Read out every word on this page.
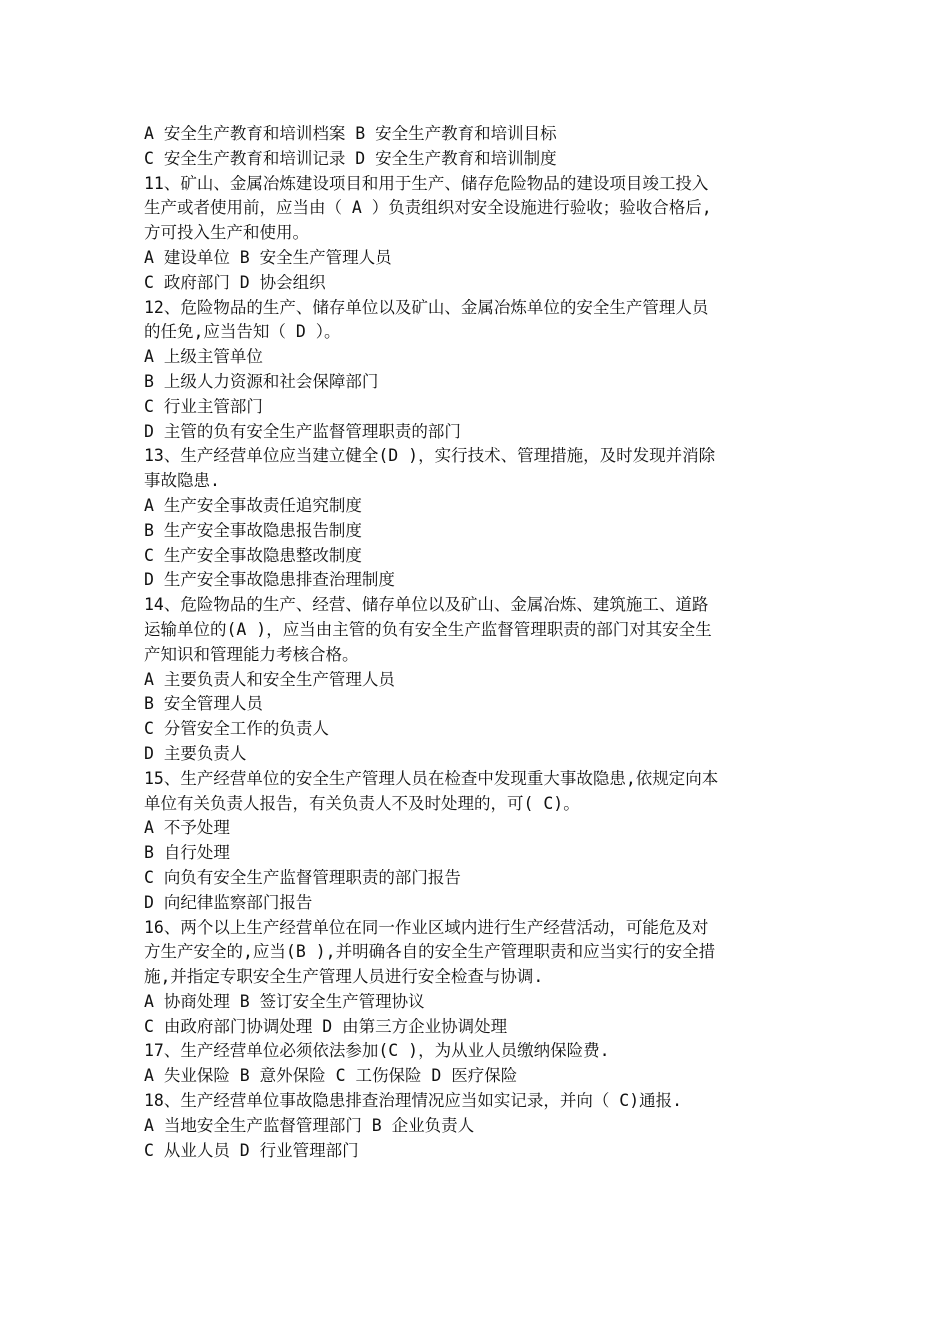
A 安全生产教育和培训档案 B 安全生产教育和培训目标
C 安全生产教育和培训记录 D 安全生产教育和培训制度
11、矿山、金属冶炼建设项目和用于生产、储存危险物品的建设项目竣工投入
生产或者使用前，应当由（ A ）负责组织对安全设施进行验收；验收合格后,
方可投入生产和使用。
A 建设单位 B 安全生产管理人员
C 政府部门 D 协会组织
12、危险物品的生产、储存单位以及矿山、金属冶炼单位的安全生产管理人员
的任免,应当告知（ D ）。
A 上级主管单位
B 上级人力资源和社会保障部门
C 行业主管部门
D 主管的负有安全生产监督管理职责的部门
13、生产经营单位应当建立健全(D )，实行技术、管理措施，及时发现并消除
事故隐患.
A 生产安全事故责任追究制度
B 生产安全事故隐患报告制度
C 生产安全事故隐患整改制度
D 生产安全事故隐患排查治理制度
14、危险物品的生产、经营、储存单位以及矿山、金属冶炼、建筑施工、道路
运输单位的(A )，应当由主管的负有安全生产监督管理职责的部门对其安全生
产知识和管理能力考核合格。
A 主要负责人和安全生产管理人员
B 安全管理人员
C 分管安全工作的负责人
D 主要负责人
15、生产经营单位的安全生产管理人员在检查中发现重大事故隐患,依规定向本
单位有关负责人报告，有关负责人不及时处理的，可( C)。
A 不予处理
B 自行处理
C 向负有安全生产监督管理职责的部门报告
D 向纪律监察部门报告
16、两个以上生产经营单位在同一作业区域内进行生产经营活动，可能危及对
方生产安全的,应当(B ),并明确各自的安全生产管理职责和应当实行的安全措
施,并指定专职安全生产管理人员进行安全检查与协调.
A 协商处理 B 签订安全生产管理协议
C 由政府部门协调处理 D 由第三方企业协调处理
17、生产经营单位必须依法参加(C )，为从业人员缴纳保险费.
A 失业保险 B 意外保险 C 工伤保险 D 医疗保险
18、生产经营单位事故隐患排查治理情况应当如实记录，并向（ C)通报.
A 当地安全生产监督管理部门 B 企业负责人
C 从业人员 D 行业管理部门
